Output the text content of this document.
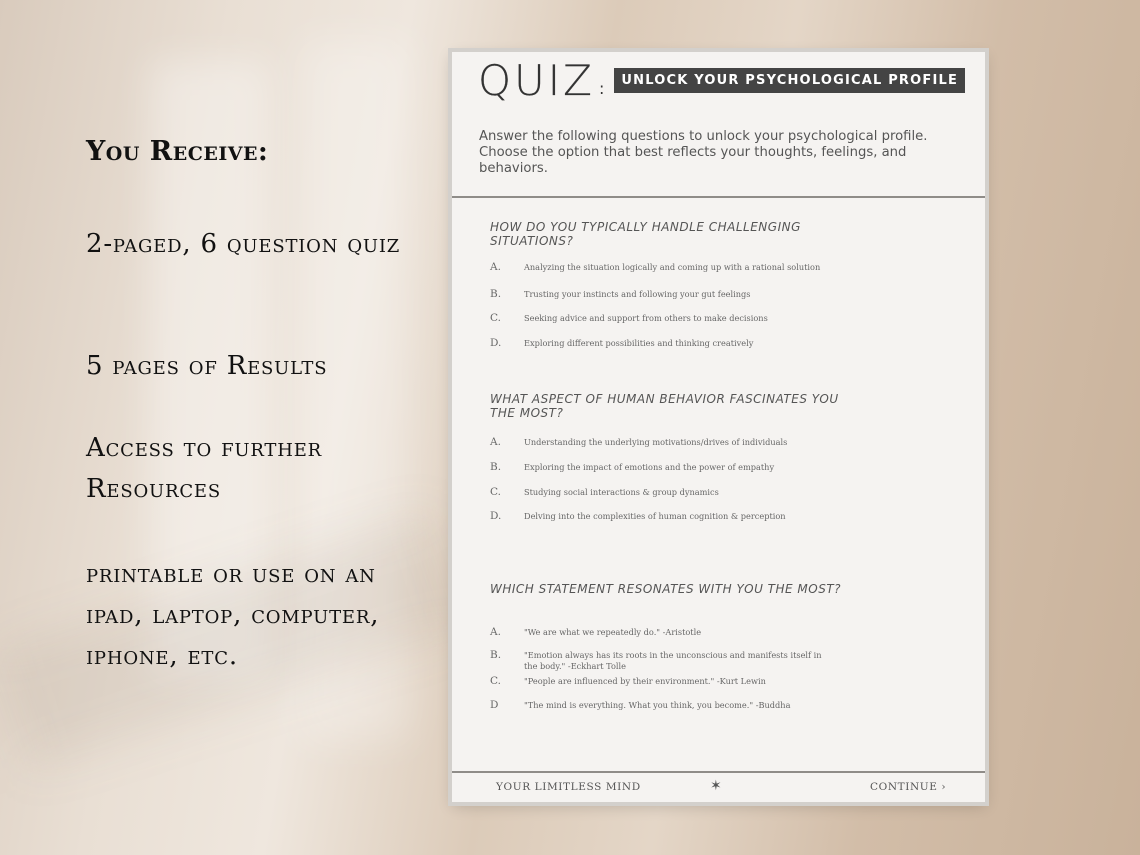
You Receive:

2-paged, 6 question quiz

5 pages of Results

Access to further Resources

printable or use on an ipad, laptop, computer, iphone, etc.

QUIZ :	UNLOCK YOUR PSYCHOLOGICAL PROFILE
Answer the following questions to unlock your psychological profile. Choose the option that best reflects your thoughts, feelings, and behaviors.

HOW DO YOU TYPICALLY HANDLE CHALLENGING SITUATIONS?

A.	Analyzing the situation logically and coming up with a rational solution
B.	Trusting your instincts and following your gut feelings
C.	Seeking advice and support from others to make decisions
D.	Exploring different possibilities and thinking creatively

WHAT ASPECT OF HUMAN BEHAVIOR FASCINATES YOU THE MOST?

A.	Understanding the underlying motivations/drives of individuals
B.	Exploring the impact of emotions and the power of empathy
C.	Studying social interactions & group dynamics
D.	Delving into the complexities of human cognition & perception

WHICH STATEMENT RESONATES WITH YOU THE MOST?

A.	"We are what we repeatedly do." -Aristotle
B.	"Emotion always has its roots in the unconscious and manifests itself in the body." -Eckhart Tolle
C.	"People are influenced by their environment." -Kurt Lewin
D	"The mind is everything. What you think, you become." -Buddha
YOUR LIMITLESS MIND	✶	CONTINUE ›
